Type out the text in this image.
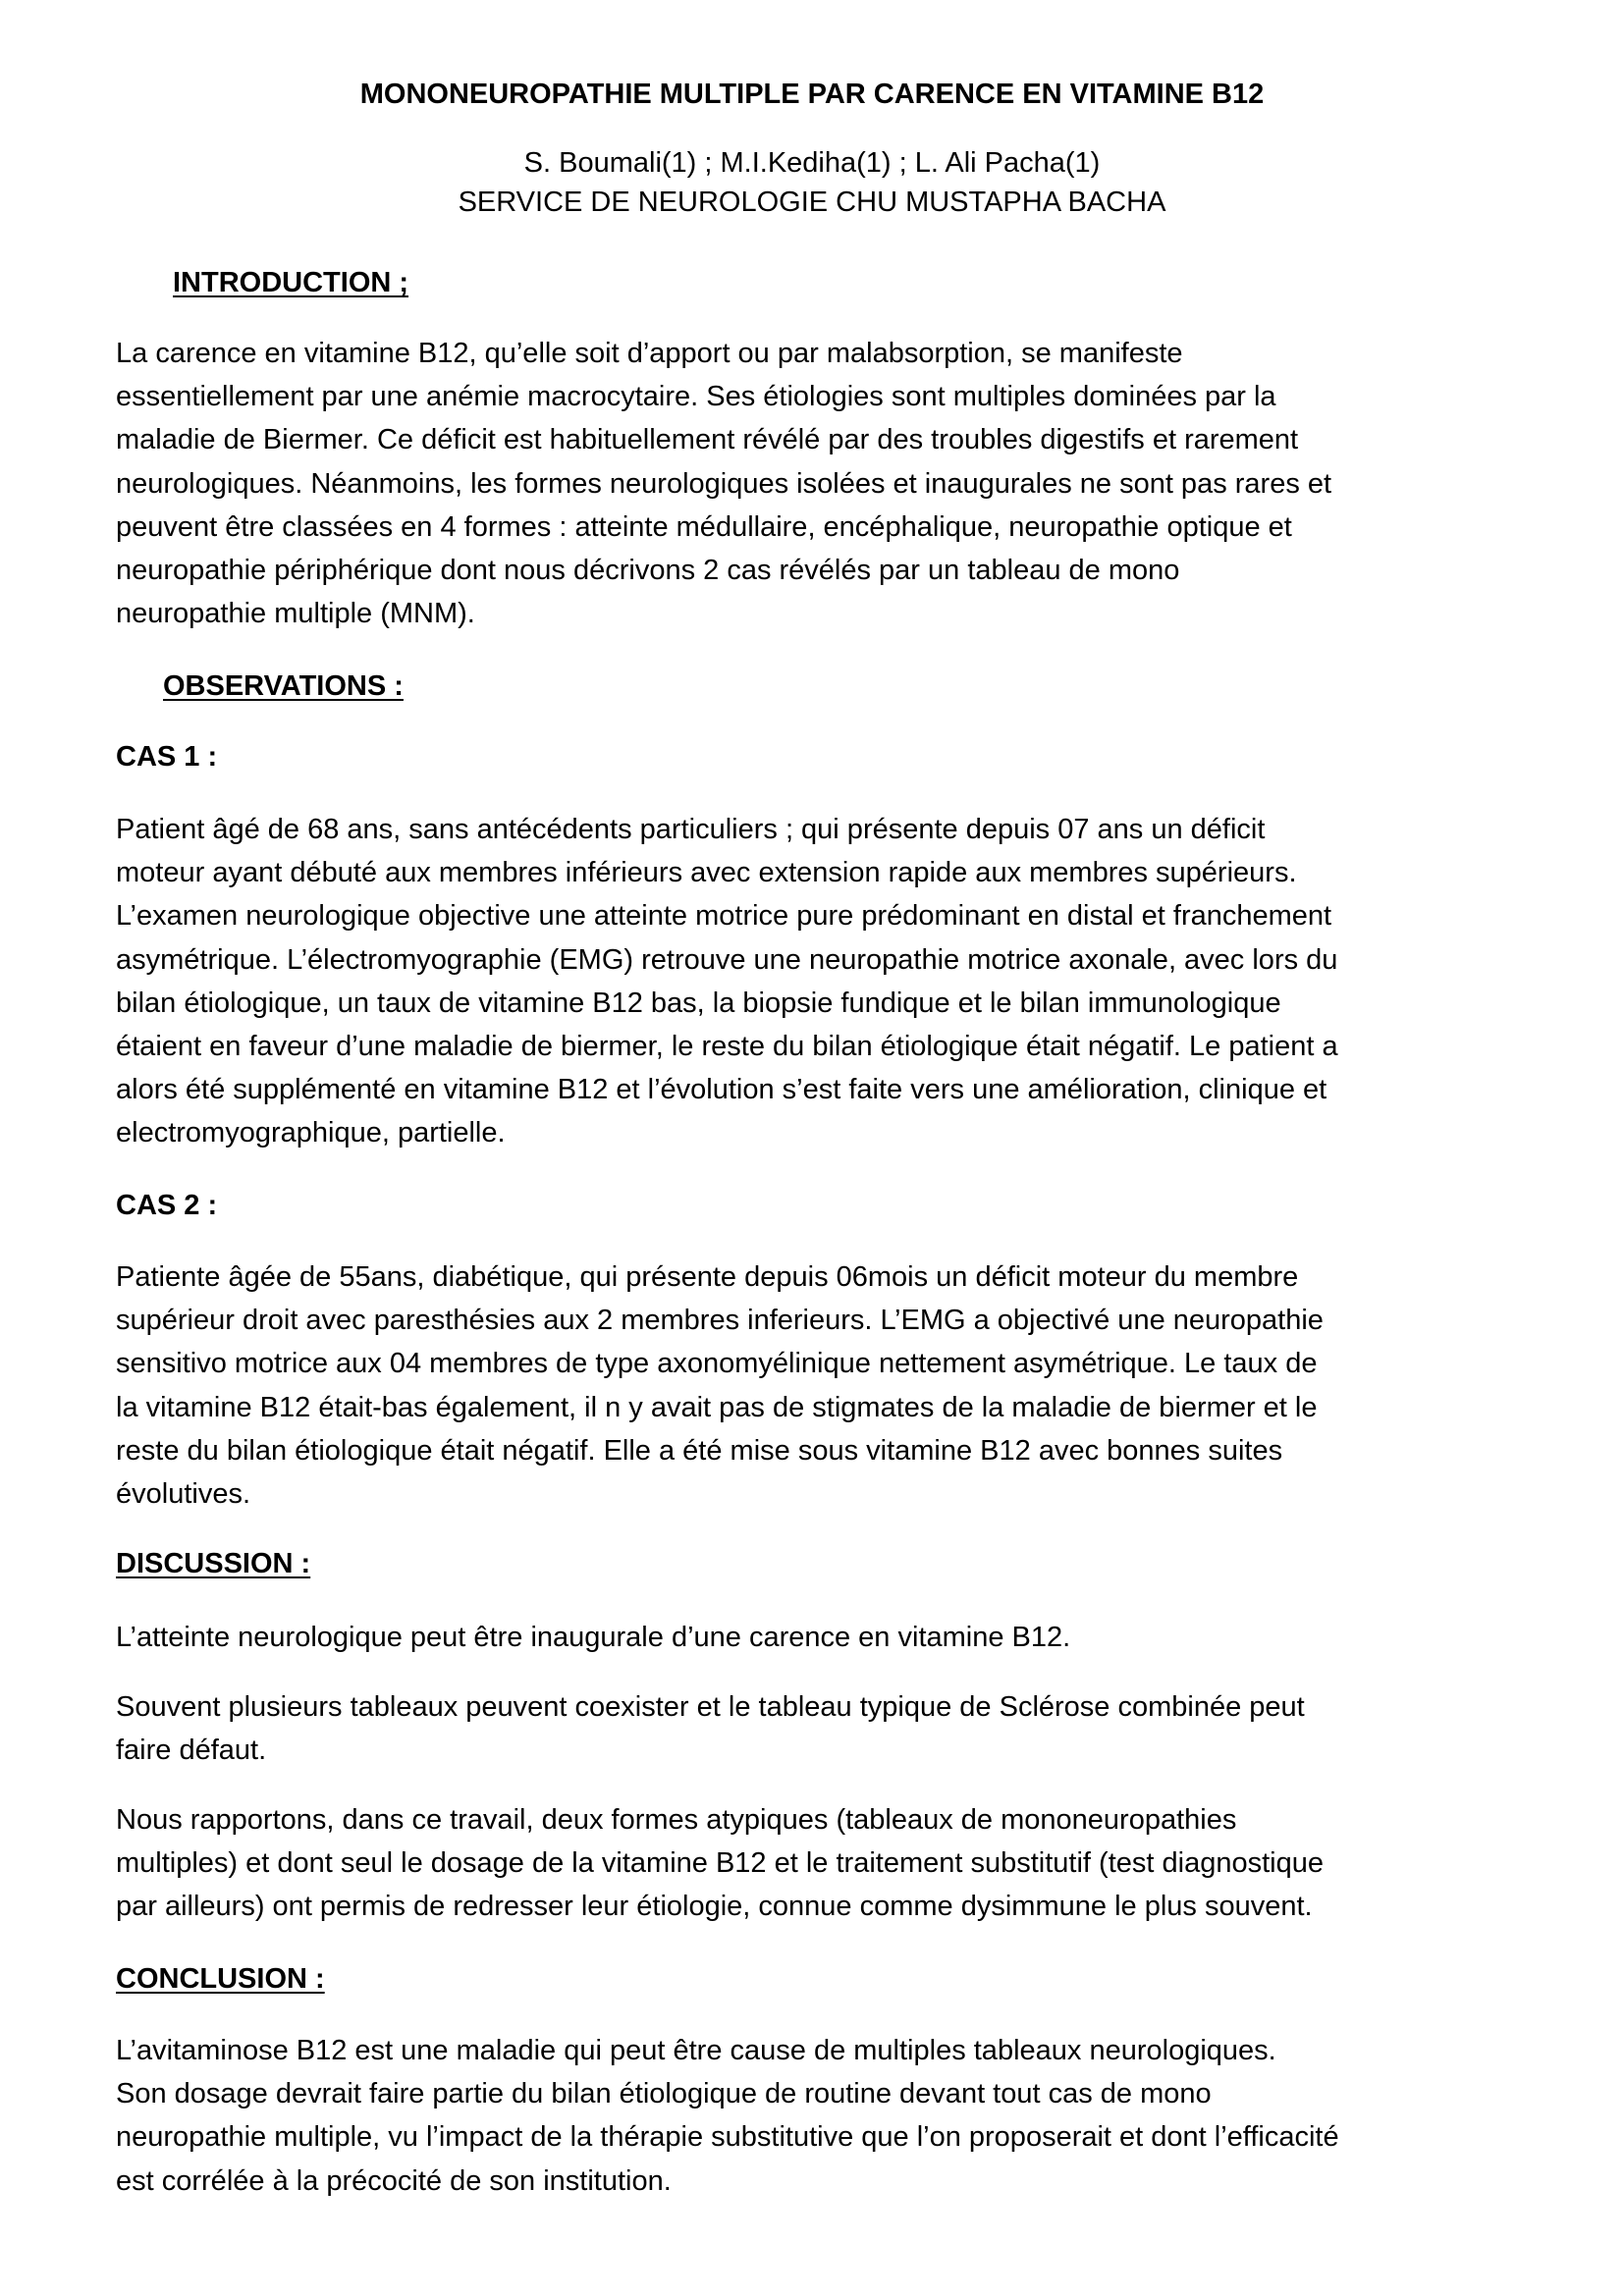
MONONEUROPATHIE MULTIPLE PAR CARENCE EN VITAMINE B12

S. Boumali(1) ; M.I.Kediha(1) ; L. Ali Pacha(1)

SERVICE DE NEUROLOGIE CHU MUSTAPHA BACHA

INTRODUCTION ;

La carence en vitamine B12, qu’elle soit d’apport ou par malabsorption, se manifeste
essentiellement par une anémie macrocytaire. Ses étiologies sont multiples dominées par la
maladie de Biermer. Ce déficit est habituellement révélé par des troubles digestifs et rarement
neurologiques. Néanmoins, les formes neurologiques isolées et inaugurales ne sont pas rares et
peuvent être classées en 4 formes : atteinte médullaire, encéphalique, neuropathie optique et
neuropathie périphérique dont nous décrivons 2 cas révélés par un tableau de mono
neuropathie multiple (MNM).

OBSERVATIONS :
CAS 1 :

Patient âgé de 68 ans, sans antécédents particuliers ; qui présente depuis 07 ans un déficit
moteur ayant débuté aux membres inférieurs avec extension rapide aux membres supérieurs.
L’examen neurologique objective une atteinte motrice pure prédominant en distal et franchement
asymétrique. L’électromyographie (EMG) retrouve une neuropathie motrice axonale, avec lors du
bilan étiologique, un taux de vitamine B12 bas, la biopsie fundique et le bilan immunologique
étaient en faveur d’une maladie de biermer, le reste du bilan étiologique était négatif. Le patient a
alors été supplémenté en vitamine B12 et l’évolution s’est faite vers une amélioration, clinique et
electromyographique, partielle.

CAS 2 :

Patiente âgée de 55ans, diabétique, qui présente depuis 06mois un déficit moteur du membre
supérieur droit avec paresthésies aux 2 membres inferieurs. L’EMG a objectivé une neuropathie
sensitivo motrice aux 04 membres de type axonomyélinique nettement asymétrique. Le taux de
la vitamine B12 était-bas également, il n y avait pas de stigmates de la maladie de biermer et le
reste du bilan étiologique était négatif. Elle a été mise sous vitamine B12 avec bonnes suites
évolutives.

DISCUSSION :

L’atteinte neurologique peut être inaugurale d’une carence en vitamine B12.

Souvent plusieurs tableaux peuvent coexister et le tableau typique de Sclérose combinée peut
faire défaut.

Nous rapportons, dans ce travail, deux formes atypiques (tableaux de mononeuropathies
multiples) et dont seul le dosage de la vitamine B12 et le traitement substitutif (test diagnostique
par ailleurs) ont permis de redresser leur étiologie, connue comme dysimmune le plus souvent.

CONCLUSION :

L’avitaminose B12 est une maladie qui peut être cause de multiples tableaux neurologiques.
Son dosage devrait faire partie du bilan étiologique de routine devant tout cas de mono
neuropathie multiple, vu l’impact de la thérapie substitutive que l’on proposerait et dont l’efficacité
est corrélée à la précocité de son institution.
